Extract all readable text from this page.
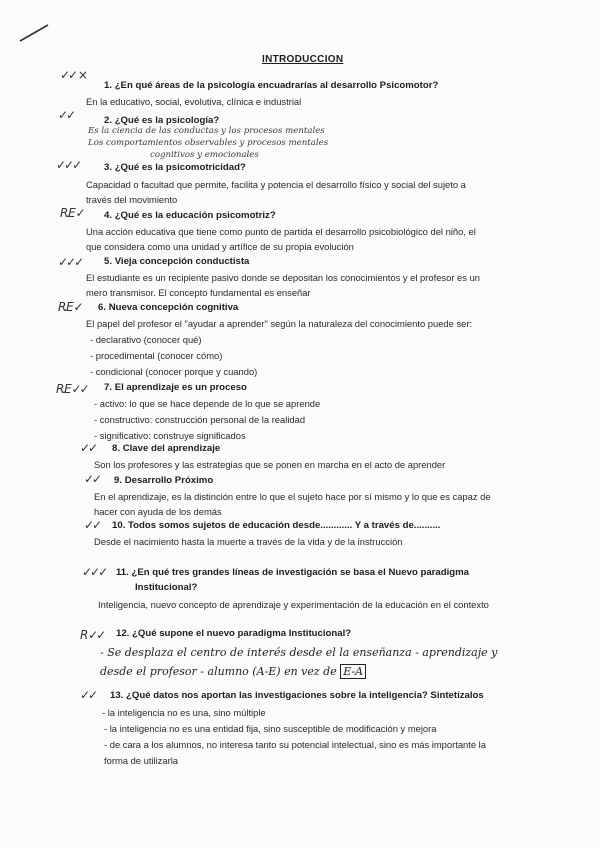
INTRODUCCION
✓✓ ×
1. ¿En qué áreas de la psicología encuadrarías al desarrollo Psicomotor?
En la educativo, social, evolutiva, clínica e industrial
✓✓	2. ¿Qué es la psicología?
Es la ciencia de las conductas y los procesos mentales
Los comportamientos observables y procesos mentales
cognitivos y emocionales
✓✓✓ 3. ¿Qué es la psicomotricidad?
Capacidad o facultad que permite, facilita y potencia el desarrollo físico y social del sujeto a
través del movimiento
R.E ✓ 4. ¿Qué es la educación psicomotriz?
Una acción educativa que tiene como punto de partida el desarrollo psicobiológico del niño, el
que considera como una unidad y artífice de su propia evolución
✓✓✓ 5. Vieja concepción conductista
El estudiante es un recipiente pasivo donde se depositan los conocimientos y el profesor es un
mero transmisor. El concepto fundamental es enseñar
R.E ✓ 6. Nueva concepción cognitiva
El papel del profesor el "ayudar a aprender" según la naturaleza del conocimiento puede ser:
- declarativo (conocer qué)
- procedimental (conocer cómo)
- condicional (conocer porque y cuando)
R.E ✓✓ 7. El aprendizaje es un proceso
- activo: lo que se hace depende de lo que se aprende
- constructivo: construcción personal de la realidad
- significativo: construye significados
✓✓ 8. Clave del aprendizaje
Son los profesores y las estrategias que se ponen en marcha en el acto de aprender
✓✓ 9. Desarrollo Próximo
En el aprendizaje, es la distinción entre lo que el sujeto hace por sí mismo y lo que es capaz de
hacer con ayuda de los demás
✓✓ 10. Todos somos sujetos de educación desde............ Y a través de..........
Desde el nacimiento hasta la muerte a través de la vida y de la instrucción
✓✓✓ 11. ¿En qué tres grandes líneas de investigación se basa el Nuevo paradigma
Institucional?
Inteligencia, nuevo concepto de aprendizaje y experimentación de la educación en el contexto
R ✓✓ 12. ¿Qué supone el nuevo paradigma Institucional?
- Se desplaza el centro de interés desde el la enseñanza - aprendizaje y
desde el profesor - alumno (A-E) en vez de E-A
✓✓ 13. ¿Qué datos nos aportan las investigaciones sobre la inteligencia? Sintetízalos
- la inteligencia no es una, sino múltiple
- la inteligencia no es una entidad fija, sino susceptible de modificación y mejora
- de cara a los alumnos, no interesa tanto su potencial intelectual, sino es más importante la
forma de utilizarla
